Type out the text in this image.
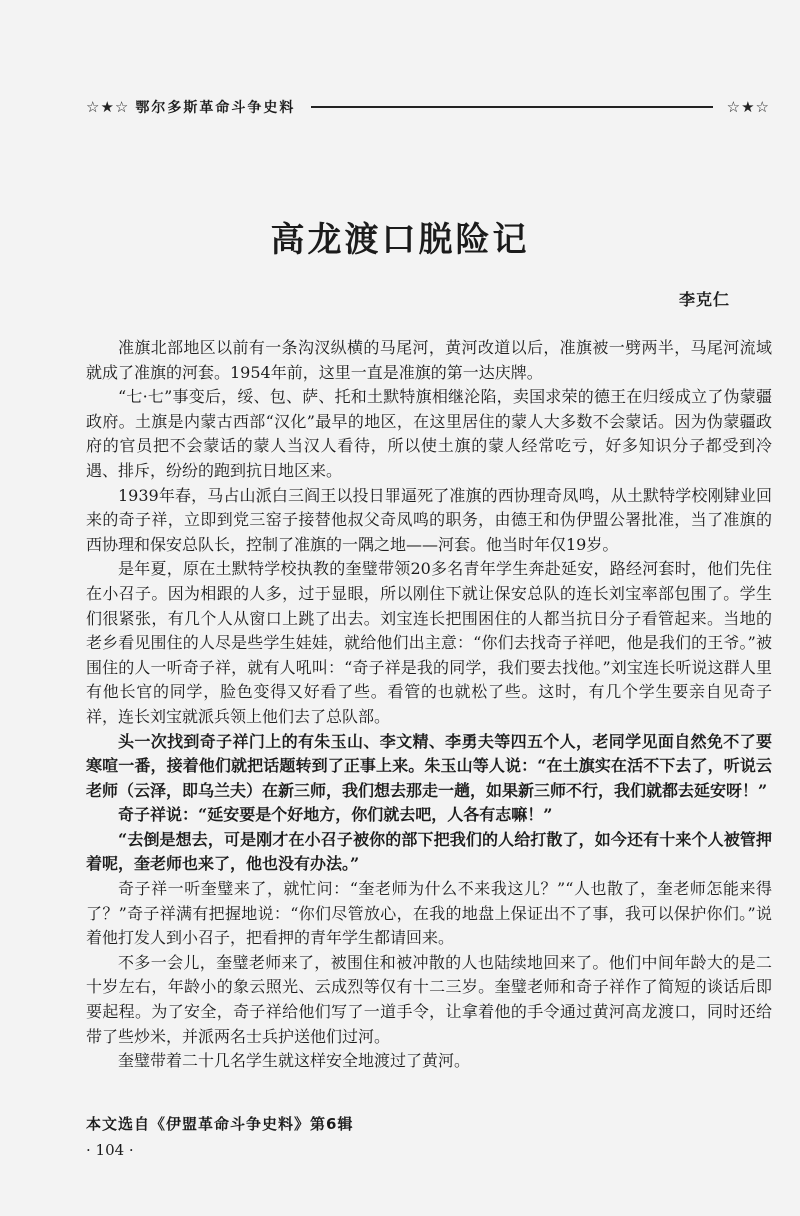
☆★☆ 鄂尔多斯革命斗争史料	☆★☆
高龙渡口脱险记
李克仁

准旗北部地区以前有一条沟汊纵横的马尾河，黄河改道以后，准旗被一劈两半，马尾河流域就成了准旗的河套。1954年前，这里一直是准旗的第一达庆牌。

“七·七”事变后，绥、包、萨、托和土默特旗相继沦陷，卖国求荣的德王在归绥成立了伪蒙疆政府。土旗是内蒙古西部“汉化”最早的地区，在这里居住的蒙人大多数不会蒙话。因为伪蒙疆政府的官员把不会蒙话的蒙人当汉人看待，所以使土旗的蒙人经常吃亏，好多知识分子都受到冷遇、排斥，纷纷的跑到抗日地区来。

1939年春，马占山派白三阎王以投日罪逼死了准旗的西协理奇凤鸣，从土默特学校刚肄业回来的奇子祥，立即到党三窑子接替他叔父奇凤鸣的职务，由德王和伪伊盟公署批准，当了准旗的西协理和保安总队长，控制了准旗的一隅之地——河套。他当时年仅19岁。

是年夏，原在土默特学校执教的奎璧带领20多名青年学生奔赴延安，路经河套时，他们先住在小召子。因为相跟的人多，过于显眼，所以刚住下就让保安总队的连长刘宝率部包围了。学生们很紧张，有几个人从窗口上跳了出去。刘宝连长把围困住的人都当抗日分子看管起来。当地的老乡看见围住的人尽是些学生娃娃，就给他们出主意：“你们去找奇子祥吧，他是我们的王爷。”被围住的人一听奇子祥，就有人吼叫：“奇子祥是我的同学，我们要去找他。”刘宝连长听说这群人里有他长官的同学，脸色变得又好看了些。看管的也就松了些。这时，有几个学生要亲自见奇子祥，连长刘宝就派兵领上他们去了总队部。

头一次找到奇子祥门上的有朱玉山、李文精、李勇夫等四五个人，老同学见面自然免不了要寒喧一番，接着他们就把话题转到了正事上来。朱玉山等人说：“在土旗实在活不下去了，听说云老师（云泽，即乌兰夫）在新三师，我们想去那走一趟，如果新三师不行，我们就都去延安呀！”

奇子祥说：“延安要是个好地方，你们就去吧，人各有志嘛！”

“去倒是想去，可是刚才在小召子被你的部下把我们的人给打散了，如今还有十来个人被管押着呢，奎老师也来了，他也没有办法。”

奇子祥一听奎璧来了，就忙问：“奎老师为什么不来我这儿？”“人也散了，奎老师怎能来得了？”奇子祥满有把握地说：“你们尽管放心，在我的地盘上保证出不了事，我可以保护你们。”说着他打发人到小召子，把看押的青年学生都请回来。

不多一会儿，奎璧老师来了，被围住和被冲散的人也陆续地回来了。他们中间年龄大的是二十岁左右，年龄小的象云照光、云成烈等仅有十二三岁。奎璧老师和奇子祥作了简短的谈话后即要起程。为了安全，奇子祥给他们写了一道手令，让拿着他的手令通过黄河高龙渡口，同时还给带了些炒米，并派两名士兵护送他们过河。

奎璧带着二十几名学生就这样安全地渡过了黄河。

本文选自《伊盟革命斗争史料》第6辑
· 104 ·
